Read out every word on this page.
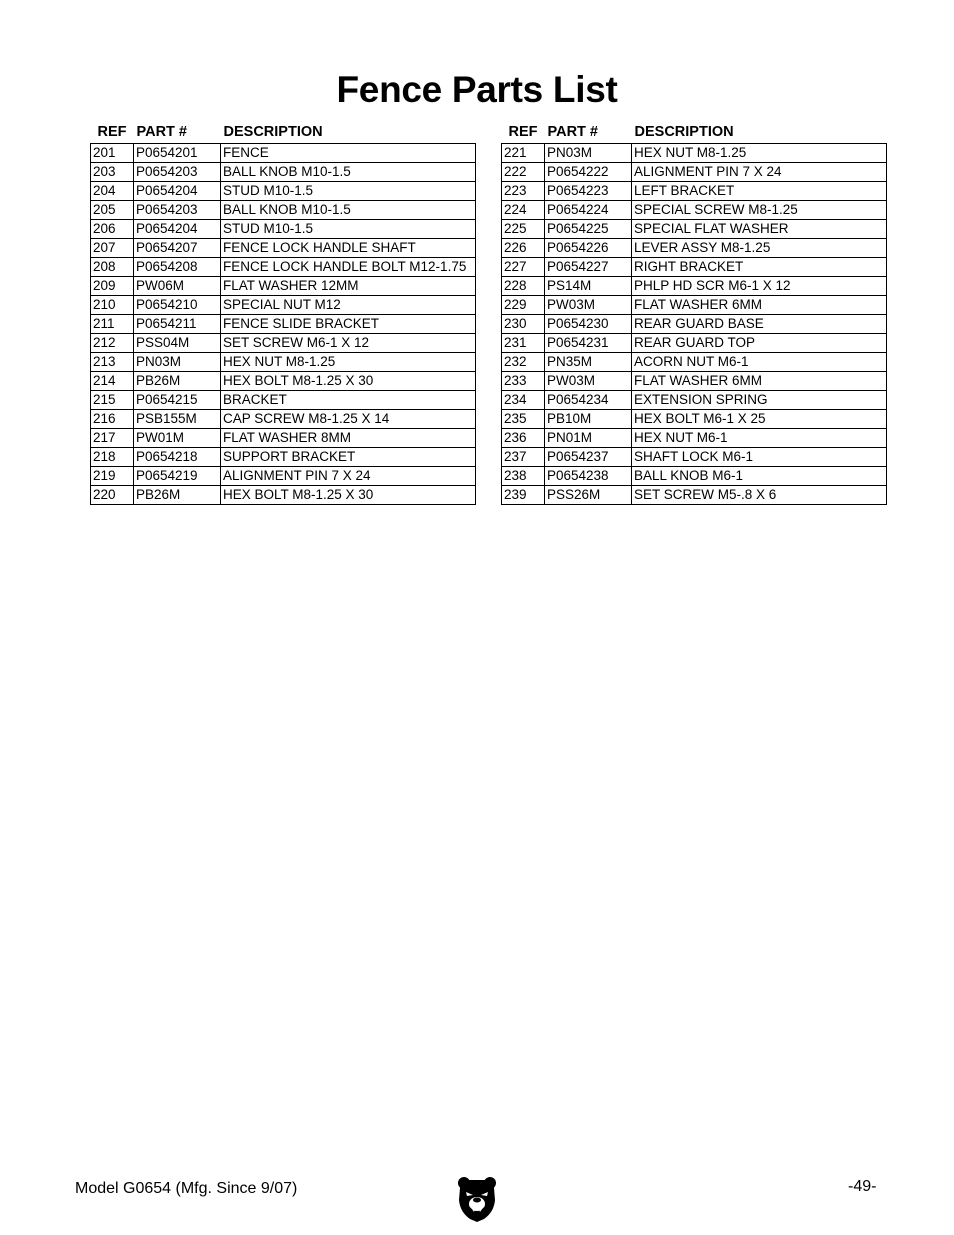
Fence Parts List
REF	PART #	DESCRIPTION
201	P0654201	FENCE
203	P0654203	BALL KNOB M10-1.5
204	P0654204	STUD M10-1.5
205	P0654203	BALL KNOB M10-1.5
206	P0654204	STUD M10-1.5
207	P0654207	FENCE LOCK HANDLE SHAFT
208	P0654208	FENCE LOCK HANDLE BOLT M12-1.75
209	PW06M	FLAT WASHER 12MM
210	P0654210	SPECIAL NUT M12
211	P0654211	FENCE SLIDE BRACKET
212	PSS04M	SET SCREW M6-1 X 12
213	PN03M	HEX NUT M8-1.25
214	PB26M	HEX BOLT M8-1.25 X 30
215	P0654215	BRACKET
216	PSB155M	CAP SCREW M8-1.25 X 14
217	PW01M	FLAT WASHER 8MM
218	P0654218	SUPPORT BRACKET
219	P0654219	ALIGNMENT PIN 7 X 24
220	PB26M	HEX BOLT M8-1.25 X 30
REF	PART #	DESCRIPTION
221	PN03M	HEX NUT M8-1.25
222	P0654222	ALIGNMENT PIN 7 X 24
223	P0654223	LEFT BRACKET
224	P0654224	SPECIAL SCREW M8-1.25
225	P0654225	SPECIAL FLAT WASHER
226	P0654226	LEVER ASSY M8-1.25
227	P0654227	RIGHT BRACKET
228	PS14M	PHLP HD SCR M6-1 X 12
229	PW03M	FLAT WASHER 6MM
230	P0654230	REAR GUARD BASE
231	P0654231	REAR GUARD TOP
232	PN35M	ACORN NUT M6-1
233	PW03M	FLAT WASHER 6MM
234	P0654234	EXTENSION SPRING
235	PB10M	HEX BOLT M6-1 X 25
236	PN01M	HEX NUT M6-1
237	P0654237	SHAFT LOCK M6-1
238	P0654238	BALL KNOB M6-1
239	PSS26M	SET SCREW M5-.8 X 6
Model G0654 (Mfg. Since 9/07)	-49-
